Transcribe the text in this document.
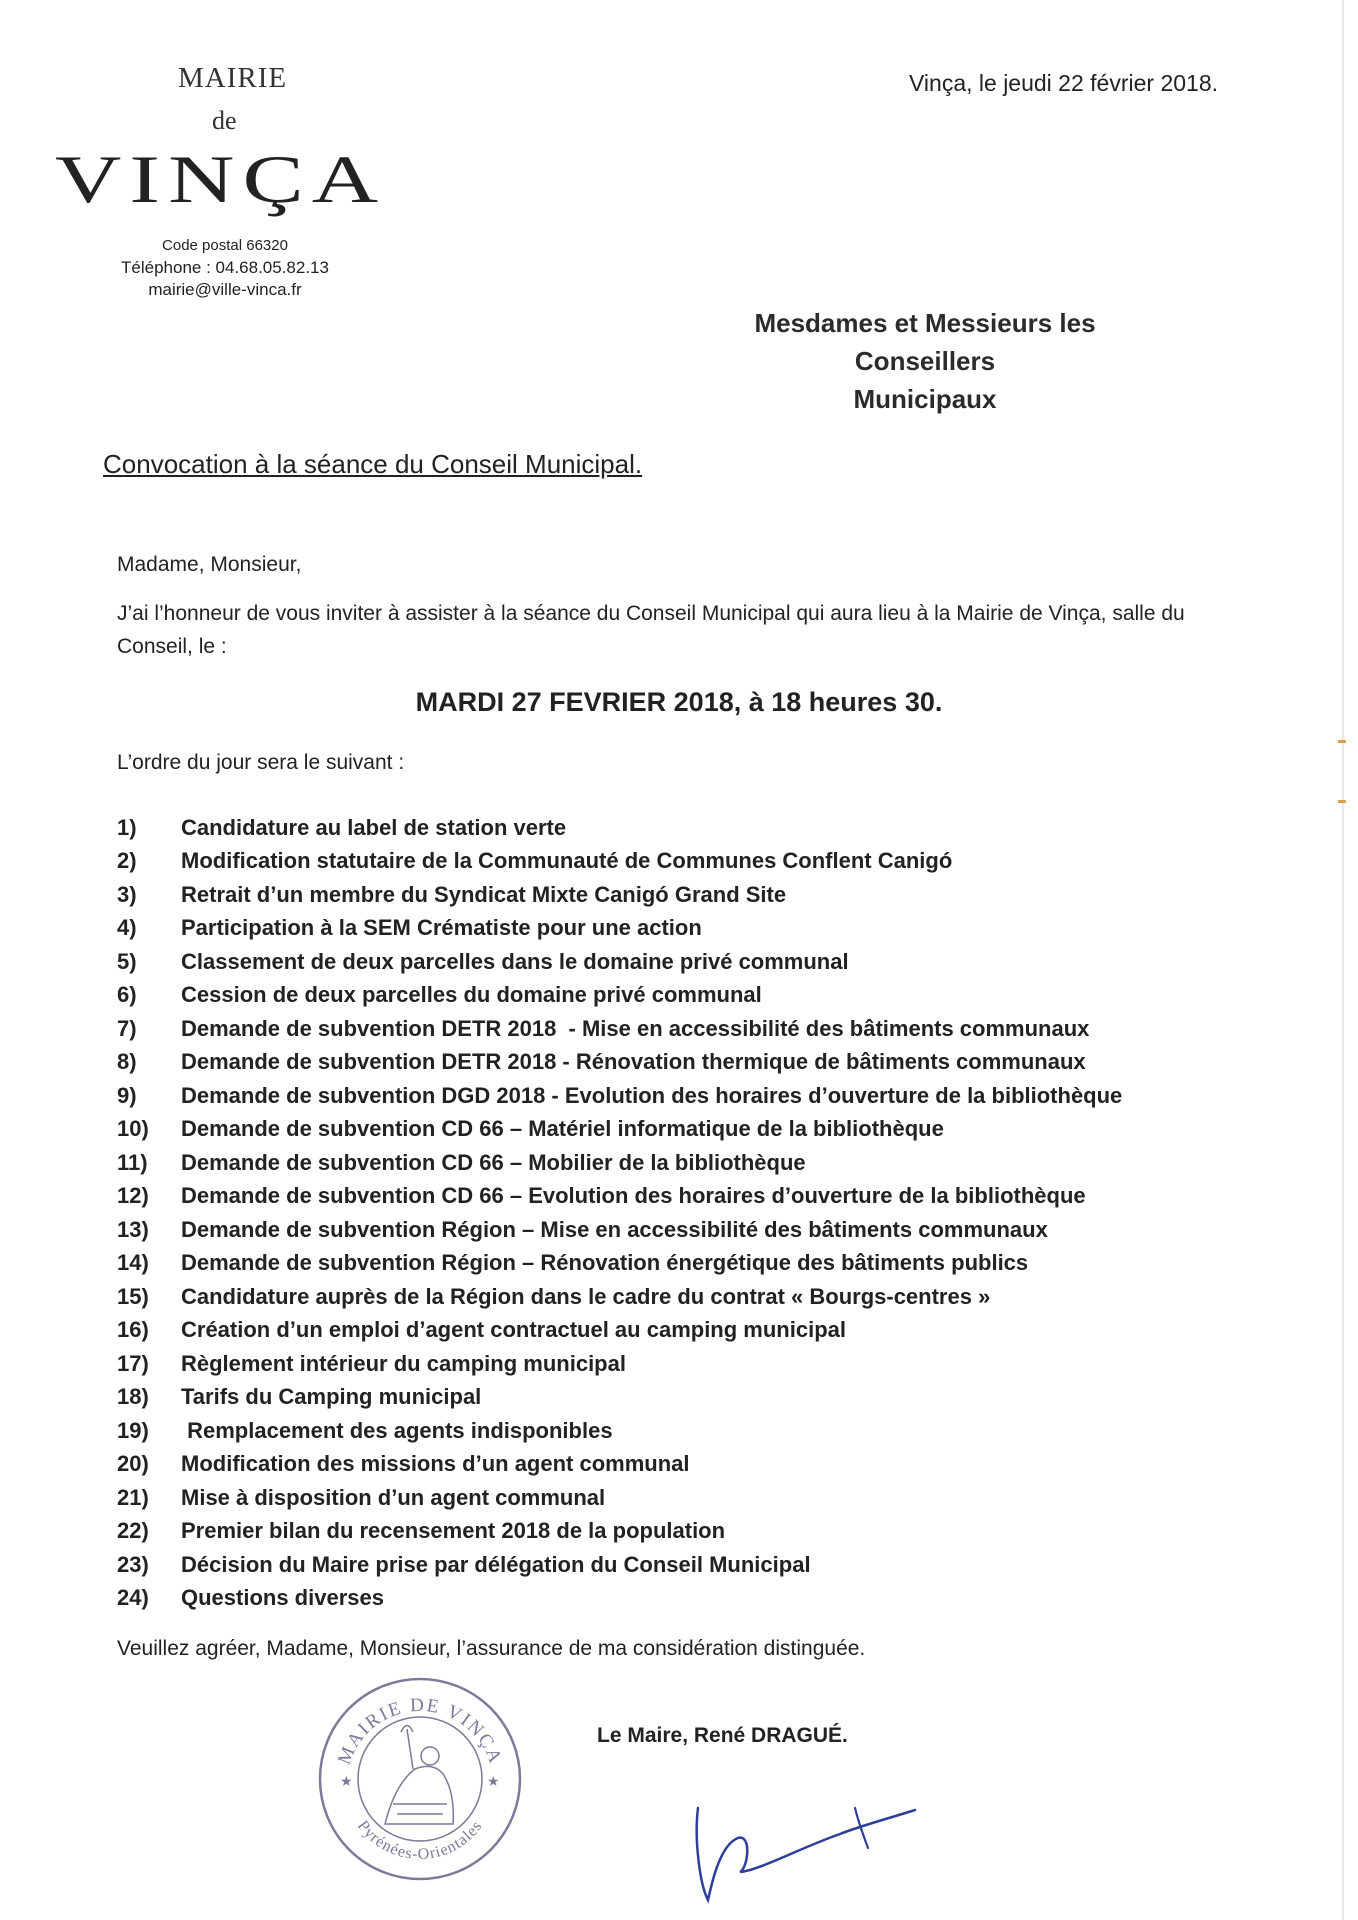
MAIRIE
de
VINÇA
Code postal 66320
Téléphone : 04.68.05.82.13
mairie@ville-vinca.fr
Vinça, le jeudi 22 février 2018.
Mesdames et Messieurs les Conseillers
Municipaux
Convocation à la séance du Conseil Municipal.
Madame, Monsieur,
J’ai l’honneur de vous inviter à assister à la séance du Conseil Municipal qui aura lieu à la Mairie de Vinça, salle du Conseil, le :
MARDI 27 FEVRIER 2018, à 18 heures 30.
L’ordre du jour sera le suivant :
1)	Candidature au label de station verte
2)	Modification statutaire de la Communauté de Communes Conflent Canigó
3)	Retrait d’un membre du Syndicat Mixte Canigó Grand Site
4)	Participation à la SEM Crématiste pour une action
5)	Classement de deux parcelles dans le domaine privé communal
6)	Cession de deux parcelles du domaine privé communal
7)	Demande de subvention DETR 2018  - Mise en accessibilité des bâtiments communaux
8)	Demande de subvention DETR 2018 - Rénovation thermique de bâtiments communaux
9)	Demande de subvention DGD 2018 - Evolution des horaires d’ouverture de la bibliothèque
10)	Demande de subvention CD 66 – Matériel informatique de la bibliothèque
11)	Demande de subvention CD 66 – Mobilier de la bibliothèque
12)	Demande de subvention CD 66 – Evolution des horaires d’ouverture de la bibliothèque
13)	Demande de subvention Région – Mise en accessibilité des bâtiments communaux
14)	Demande de subvention Région – Rénovation énergétique des bâtiments publics
15)	Candidature auprès de la Région dans le cadre du contrat « Bourgs-centres »
16)	Création d’un emploi d’agent contractuel au camping municipal
17)	Règlement intérieur du camping municipal
18)	Tarifs du Camping municipal
19)	Remplacement des agents indisponibles
20)	Modification des missions d’un agent communal
21)	Mise à disposition d’un agent communal
22)	Premier bilan du recensement 2018 de la population
23)	Décision du Maire prise par délégation du Conseil Municipal
24)	Questions diverses
Veuillez agréer, Madame, Monsieur, l’assurance de ma considération distinguée.
Le Maire, René DRAGUÉ.
MAIRIE DE VINÇA
Pyrénées-Orientales
★	★
